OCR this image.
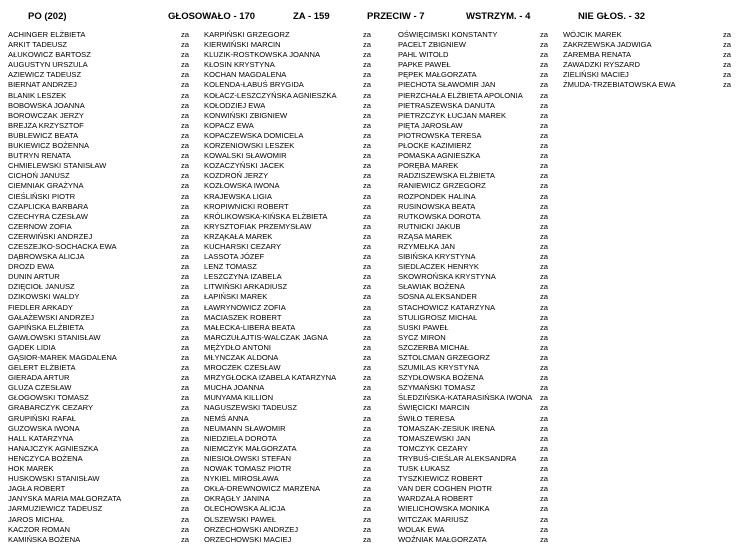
PO (202)	GŁOSOWAŁO - 170	ZA - 159	PRZECIW - 7	WSTRZYM. - 4	NIE GŁOS. - 32
ACHINGER ELŻBIETA	za
ARKIT TADEUSZ	za
AŁUKOWICZ BARTOSZ	za
AUGUSTYN URSZULA	za
AZIEWICZ TADEUSZ	za
BIERNAT ANDRZEJ	za
BLANIK LESZEK	za
BOBOWSKA JOANNA	za
BOROWCZAK JERZY	za
BREJZA KRZYSZTOF	za
BUBLEWICZ BEATA	za
BUKIEWICZ BOŻENNA	za
BUTRYN RENATA	za
CHMIELEWSKI STANISŁAW	za
CICHOŃ JANUSZ	za
CIEMNIAK GRAŻYNA	za
CIEŚLIŃSKI PIOTR	za
CZAPLICKA BARBARA	za
CZECHYRA CZESŁAW	za
CZERNOW ZOFIA	za
CZERWIŃSKI ANDRZEJ	za
CZESZEJKO-SOCHACKA EWA	za
DĄBROWSKA ALICJA	za
DROZD EWA	za
DUNIN ARTUR	za
DZIĘCIOŁ JANUSZ	za
DZIKOWSKI WALDY	za
FIEDLER ARKADY	za
GAŁAŻEWSKI ANDRZEJ	za
GAPIŃSKA ELŻBIETA	za
GAWŁOWSKI STANISŁAW	za
GĄDEK LIDIA	za
GĄSIOR-MAREK MAGDALENA	za
GELERT ELŻBIETA	za
GIERADA ARTUR	za
GLUZA CZESŁAW	za
GŁOGOWSKI TOMASZ	za
GRABARCZYK CEZARY	za
GRUPIŃSKI RAFAŁ	za
GUZOWSKA IWONA	za
HALL KATARZYNA	za
HANAJCZYK AGNIESZKA	za
HENCZYCA BOŻENA	za
HOK MAREK	za
HUSKOWSKI STANISŁAW	za
JAGŁA ROBERT	za
JANYSKA MARIA MAŁGORZATA	za
JARMUZIEWICZ TADEUSZ	za
JAROS MICHAŁ	za
KACZOR ROMAN	za
KAMIŃSKA BOŻENA	za
KARPIŃSKI GRZEGORZ	za
KIERWIŃSKI MARCIN	za
KLUZIK-ROSTKOWSKA JOANNA	za
KŁOSIN KRYSTYNA	za
KOCHAN MAGDALENA	za
KOLENDA-ŁABUŚ BRYGIDA	za
KOŁACZ-LESZCZYŃSKA AGNIESZKA	za
KOŁODZIEJ EWA	za
KONWIŃSKI ZBIGNIEW	za
KOPACZ EWA	za
KOPACZEWSKA DOMICELA	za
KORZENIOWSKI LESZEK	za
KOWALSKI SŁAWOMIR	za
KOZACZYŃSKI JACEK	za
KOZDROŃ JERZY	za
KOZŁOWSKA IWONA	za
KRAJEWSKA LIGIA	za
KROPIWNICKI ROBERT	za
KRÓLIKOWSKA-KIŃSKA ELŻBIETA	za
KRYSZTOFIAK PRZEMYSŁAW	za
KRZĄKAŁA MAREK	za
KUCHARSKI CEZARY	za
LASSOTA JÓZEF	za
LENZ TOMASZ	za
LESZCZYNA IZABELA	za
LITWIŃSKI ARKADIUSZ	za
ŁAPIŃSKI MAREK	za
ŁAWRYNOWICZ ZOFIA	za
MACIASZEK ROBERT	za
MAŁECKA-LIBERA BEATA	za
MARCZUŁAJTIS-WALCZAK JAGNA	za
MĘŻYDŁO ANTONI	za
MŁYNCZAK ALDONA	za
MROCZEK CZESŁAW	za
MRZYGŁOCKA IZABELA KATARZYNA	za
MUCHA JOANNA	za
MUNYAMA KILLION	za
NAGUSZEWSKI TADEUSZ	za
NEMŚ ANNA	za
NEUMANN SŁAWOMIR	za
NIEDZIELA DOROTA	za
NIEMCZYK MAŁGORZATA	za
NIESIOŁOWSKI STEFAN	za
NOWAK TOMASZ PIOTR	za
NYKIEL MIROSŁAWA	za
OKŁA-DREWNOWICZ MARZENA	za
OKRĄGŁY JANINA	za
OLECHOWSKA ALICJA	za
OLSZEWSKI PAWEŁ	za
ORZECHOWSKI ANDRZEJ	za
ORZECHOWSKI MACIEJ	za
OŚWIĘCIMSKI KONSTANTY	za
PACELT ZBIGNIEW	za
PAHL WITOLD	za
PAPKE PAWEŁ	za
PĘPEK MAŁGORZATA	za
PIECHOTA SŁAWOMIR JAN	za
PIERZCHAŁA ELŻBIETA APOLONIA za
PIETRASZEWSKA DANUTA	za
PIETRZCZYK ŁUCJAN MAREK	za
PIĘTA JAROSŁAW	za
PIOTROWSKA TERESA	za
PŁOCKE KAZIMIERZ	za
POMASKA AGNIESZKA	za
PORĘBA MAREK	za
RADZISZEWSKA ELŻBIETA	za
RANIEWICZ GRZEGORZ	za
ROZPONDEK HALINA	za
RUSINOWSKA BEATA	za
RUTKOWSKA DOROTA	za
RUTNICKI JAKUB	za
RZĄSA MAREK	za
RZYMEŁKA JAN	za
SIBIŃSKA KRYSTYNA	za
SIEDLACZEK HENRYK	za
SKOWROŃSKA KRYSTYNA	za
SŁAWIAK BOŻENA	za
SOSNA ALEKSANDER	za
STACHOWICZ KATARZYNA	za
STULIGROSZ MICHAŁ	za
SUSKI PAWEŁ	za
SYCZ MIRON	za
SZCZERBA MICHAŁ	za
SZTOLCMAN GRZEGORZ	za
SZUMILAS KRYSTYNA	za
SZYDŁOWSKA BOŻENA	za
SZYMAŃSKI TOMASZ	za
ŚLEDZIŃSKA-KATARASIŃSKA IWONA za
ŚWIĘCICKI MARCIN	za
ŚWIŁO TERESA	za
TOMASZAK-ZESIUK IRENA	za
TOMASZEWSKI JAN	za
TOMCZYK CEZARY	za
TRYBUŚ-CIEŚLAR ALEKSANDRA	za
TUSK ŁUKASZ	za
TYSZKIEWICZ ROBERT	za
VAN DER COGHEN PIOTR	za
WARDZAŁA ROBERT	za
WIELICHOWSKA MONIKA	za
WITCZAK MARIUSZ	za
WOLAK EWA	za
WOŹNIAK MAŁGORZATA	za
WÓJCIK MAREK	za
ZAKRZEWSKA JADWIGA	za
ZAREMBA RENATA	za
ZAWADZKI RYSZARD	za
ZIELIŃSKI MACIEJ	za
ŻMUDA-TRZEBIATOWSKA EWA	za
